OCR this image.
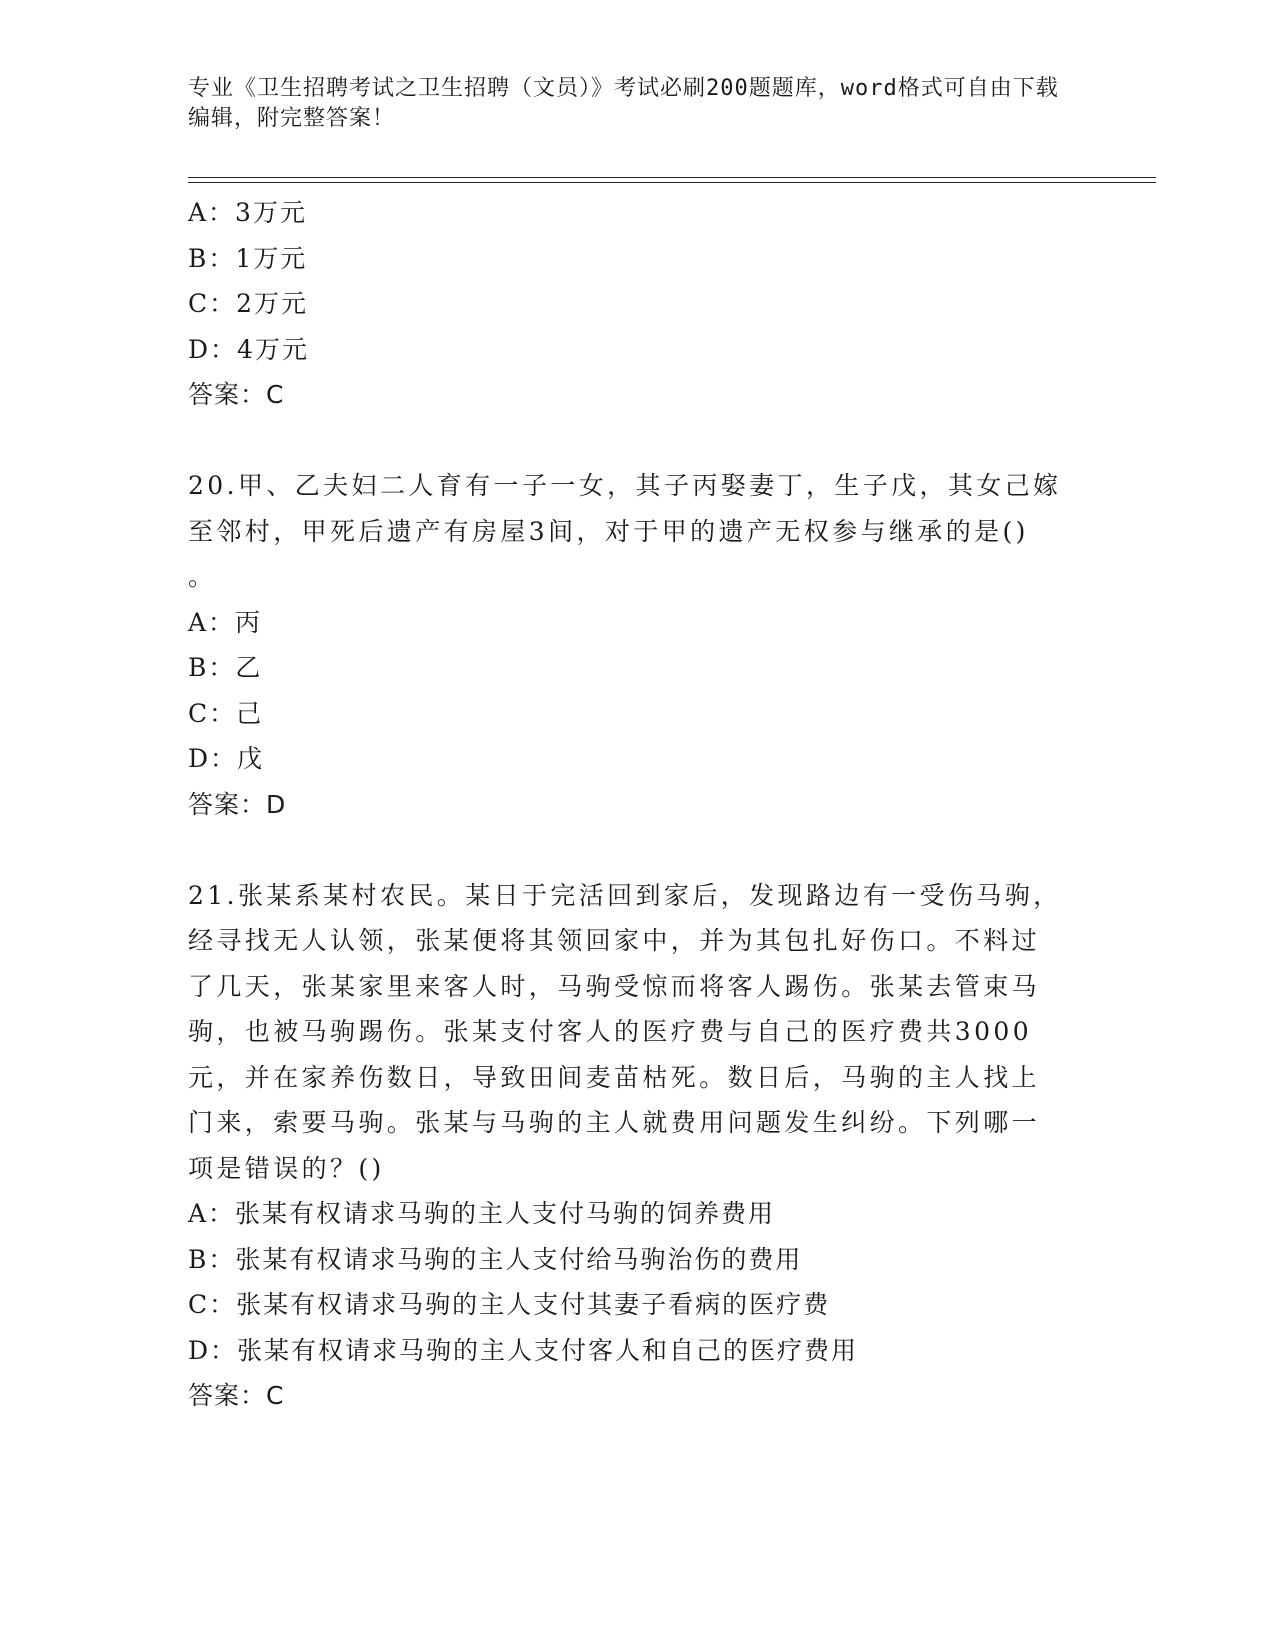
专业《卫生招聘考试之卫生招聘（文员）》考试必刷200题题库，word格式可自由下载编辑，附完整答案！
A：3万元
B：1万元
C：2万元
D：4万元
答案：C
20.甲、乙夫妇二人育有一子一女，其子丙娶妻丁，生子戊，其女己嫁至邻村，甲死后遗产有房屋3间，对于甲的遗产无权参与继承的是()
。
A：丙
B：乙
C：己
D：戊
答案：D
21.张某系某村农民。某日于完活回到家后，发现路边有一受伤马驹，经寻找无人认领，张某便将其领回家中，并为其包扎好伤口。不料过了几天，张某家里来客人时，马驹受惊而将客人踢伤。张某去管束马驹，也被马驹踢伤。张某支付客人的医疗费与自己的医疗费共3000元，并在家养伤数日，导致田间麦苗枯死。数日后，马驹的主人找上门来，索要马驹。张某与马驹的主人就费用问题发生纠纷。下列哪一项是错误的？()
A：张某有权请求马驹的主人支付马驹的饲养费用
B：张某有权请求马驹的主人支付给马驹治伤的费用
C：张某有权请求马驹的主人支付其妻子看病的医疗费
D：张某有权请求马驹的主人支付客人和自己的医疗费用
答案：C
